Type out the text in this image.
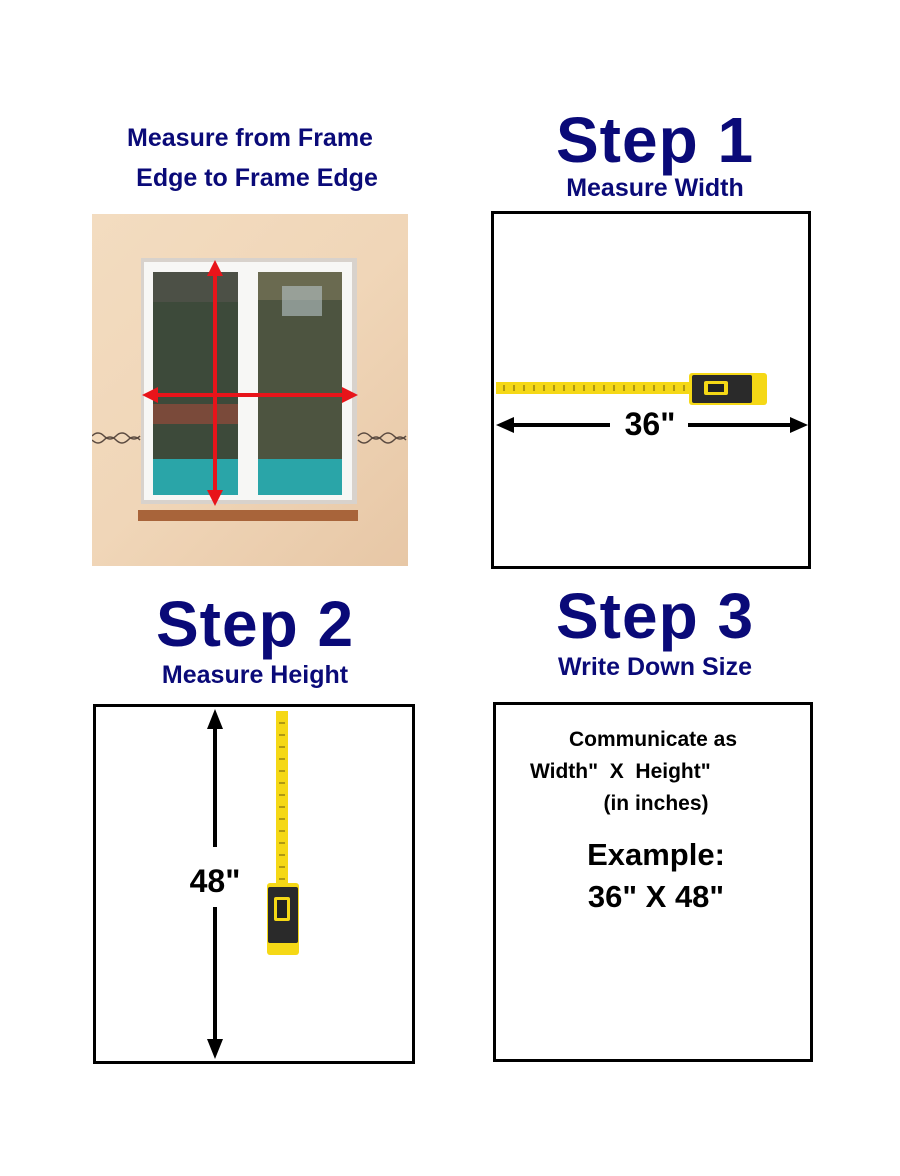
Measure from Frame
Edge to Frame Edge
Step 1
Measure Width
36"
Step 2
Measure Height
48"
Step 3
Write Down Size
Communicate as
Width"  X  Height"
(in inches)
Example:
36" X 48"
